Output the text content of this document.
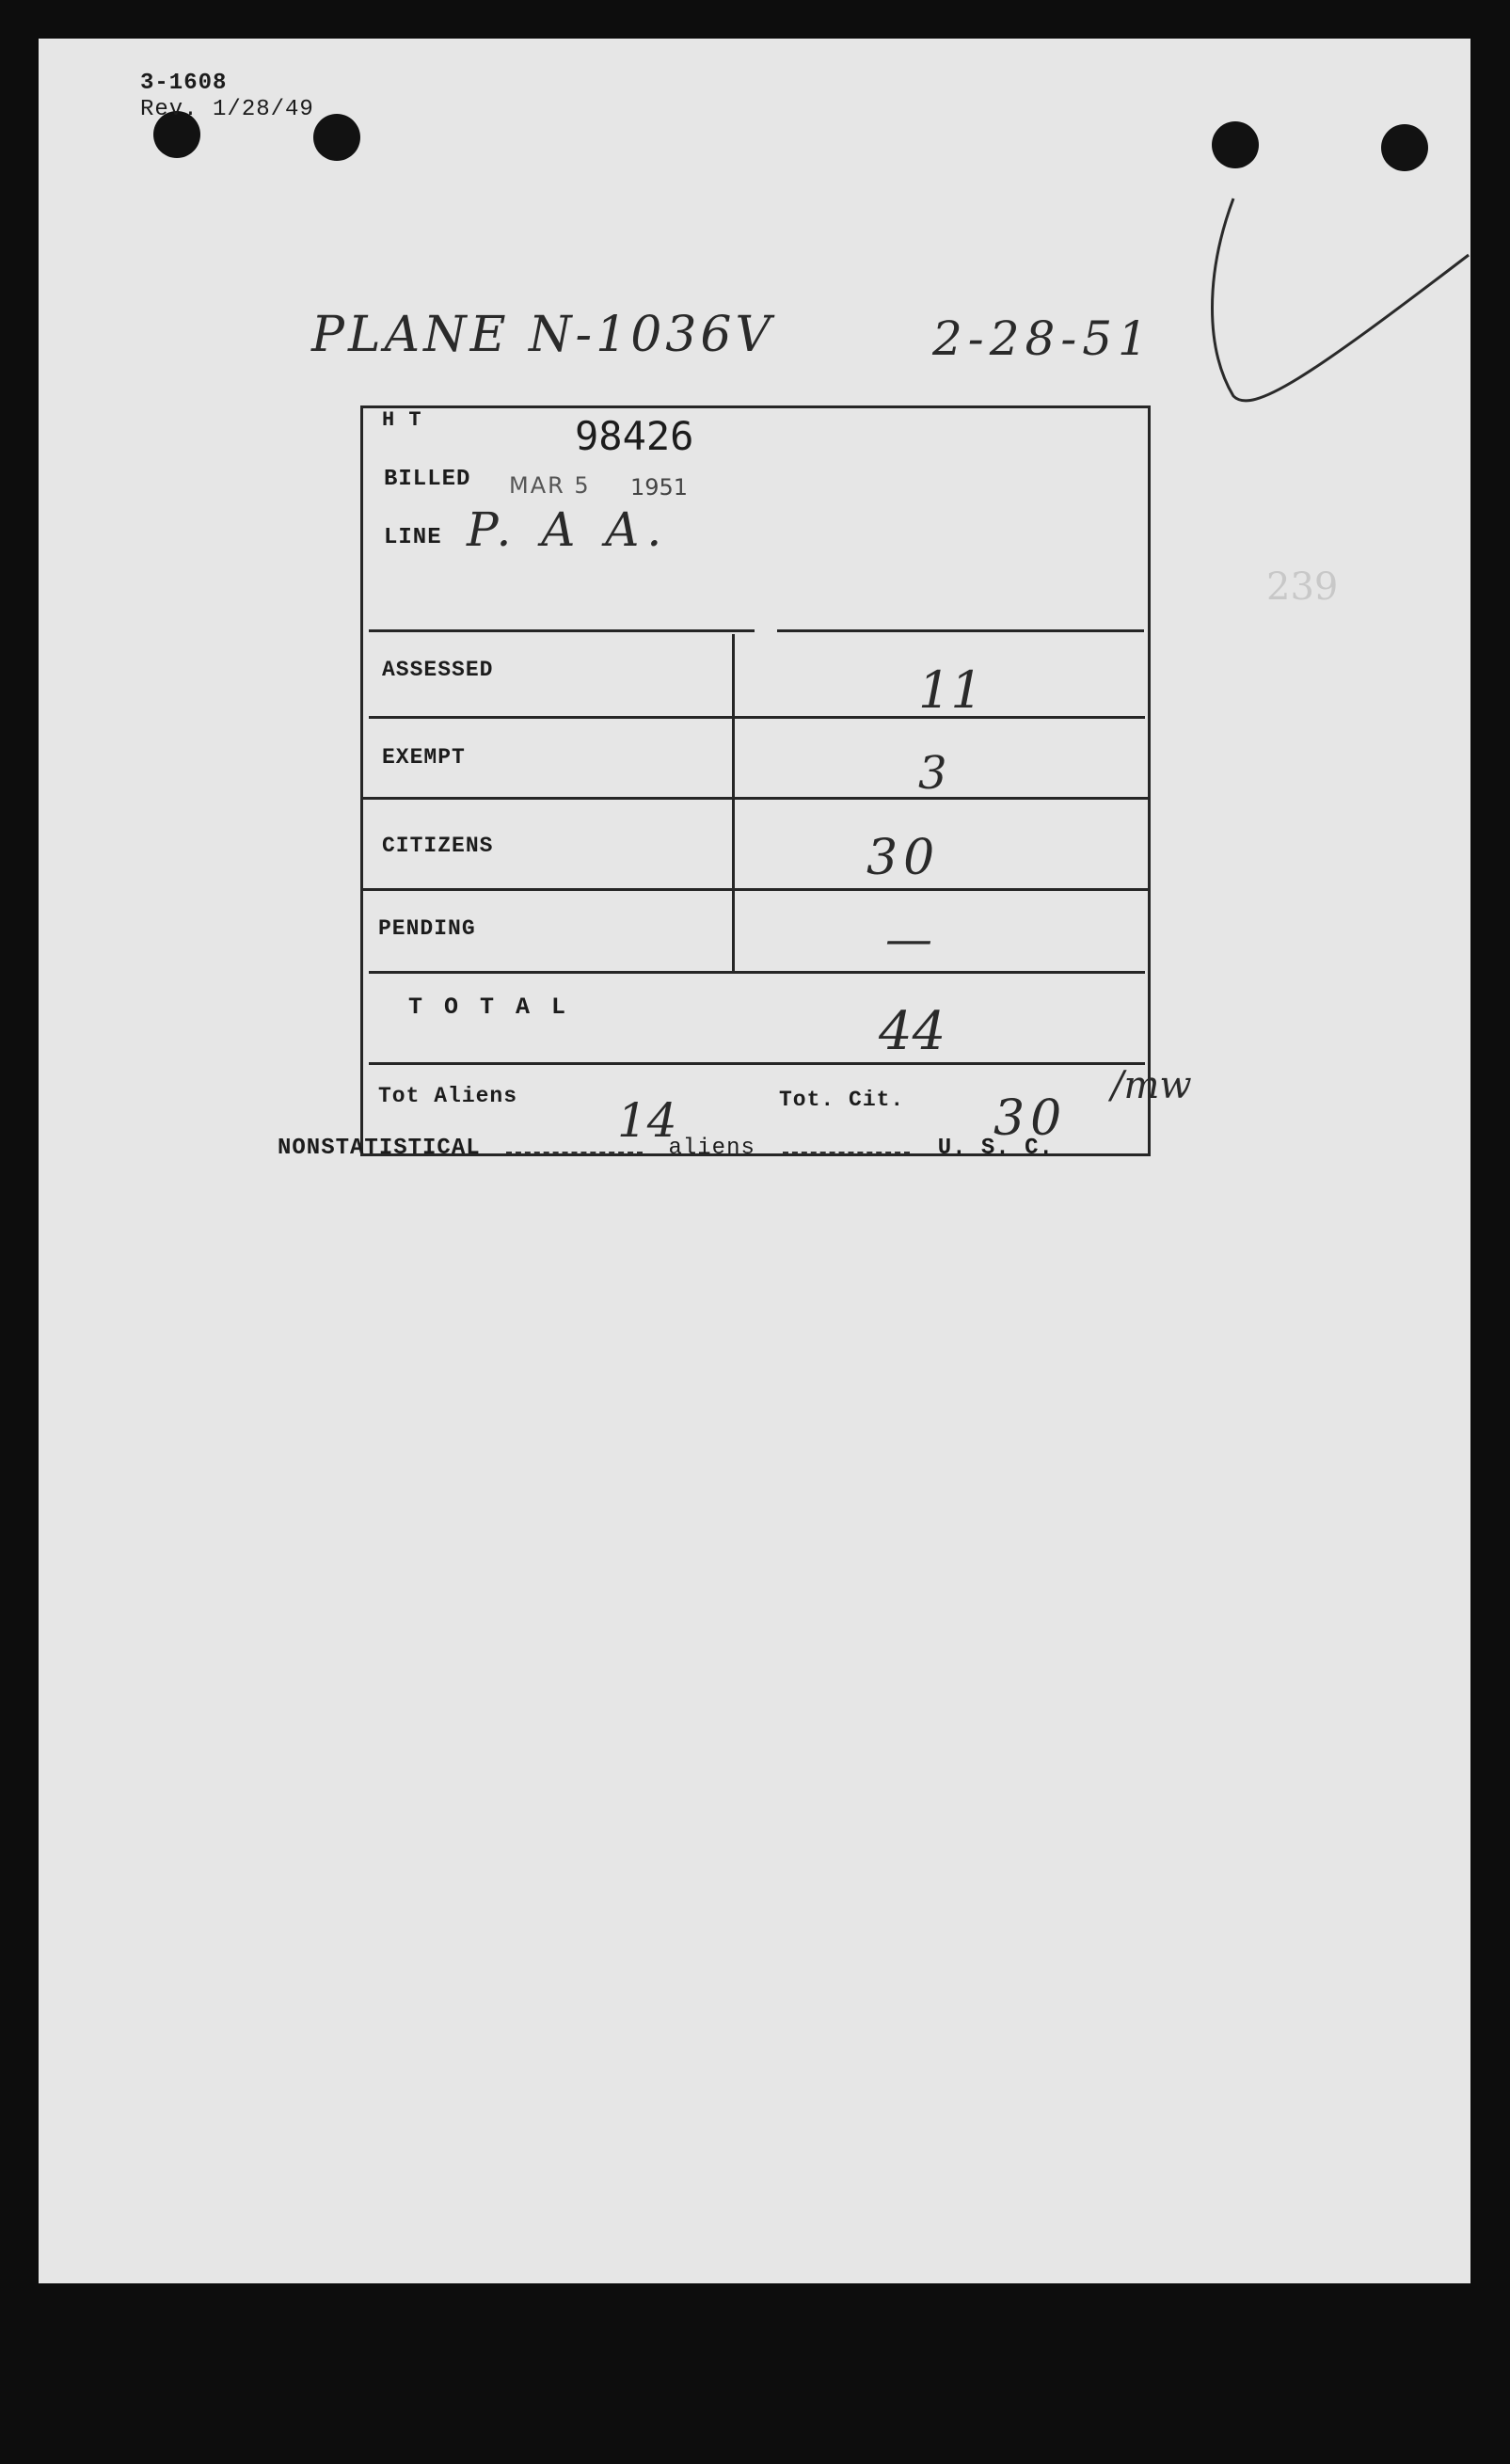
3-1608
Rev. 1/28/49
PLANE N-1036V	2-28-51
239
H T	98426
BILLED MAR 5 1951
LINE P. A A.
ASSESSED	11
EXEMPT	3
CITIZENS	30
PENDING	—
T O T A L	44
Tot Aliens 14	Tot. Cit. 30
/mw
NONSTATISTICAL	aliens	U. S. C.
